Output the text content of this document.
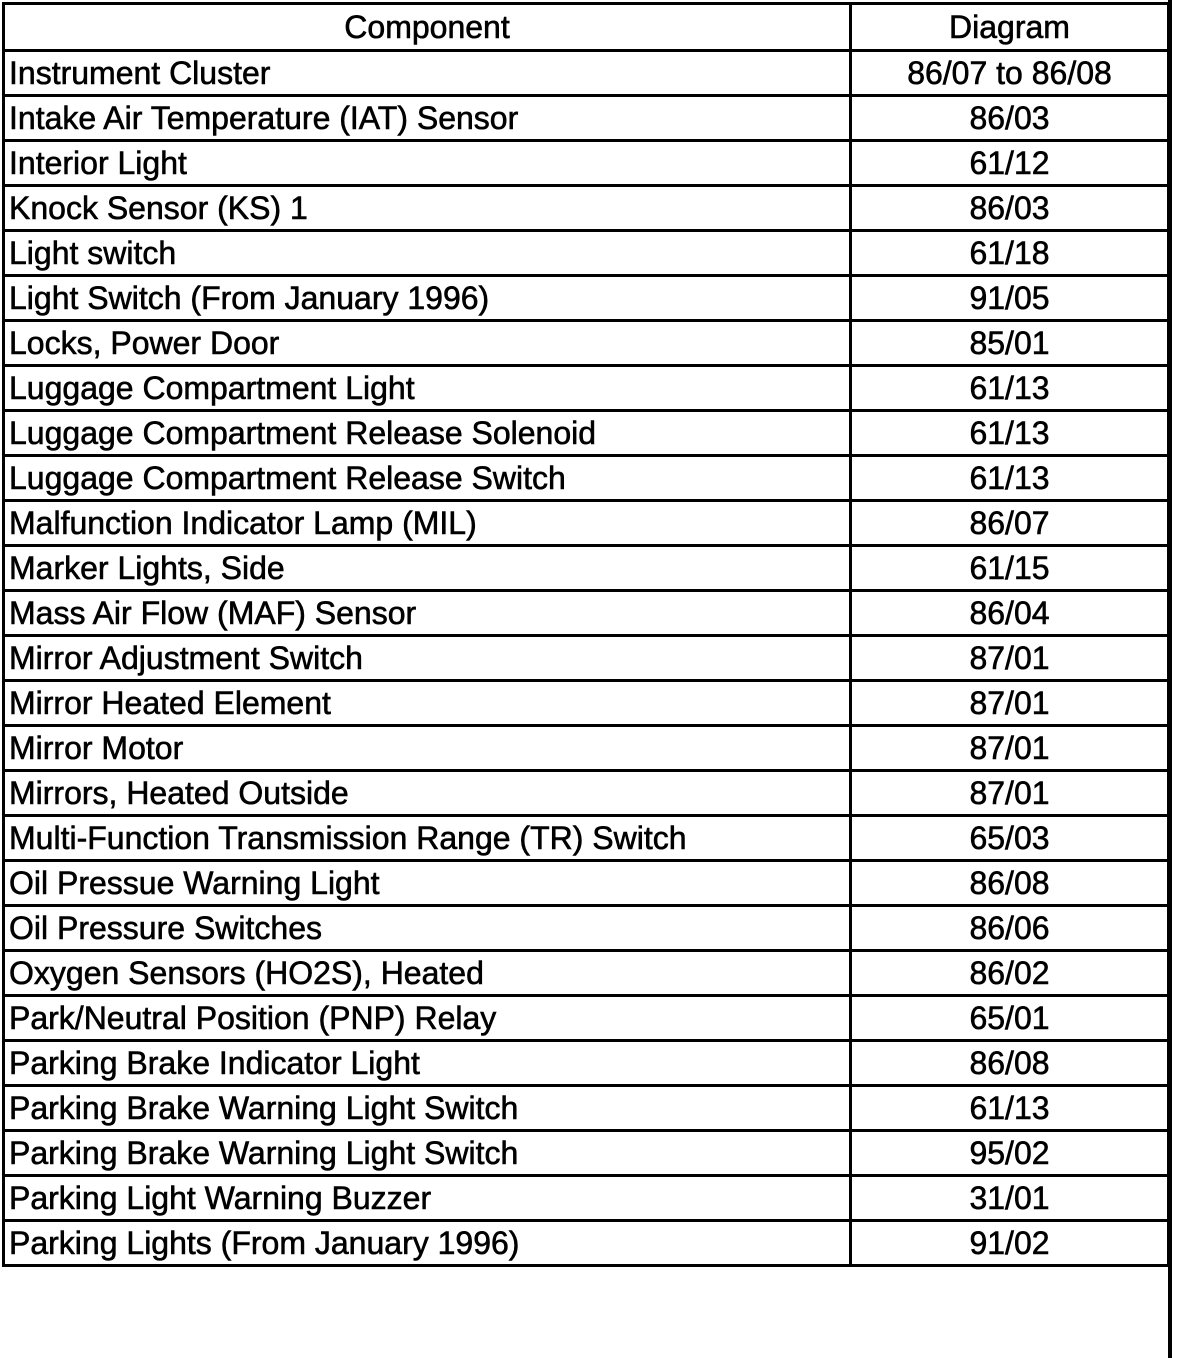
Component	Diagram
Instrument Cluster	86/07 to 86/08
Intake Air Temperature (IAT) Sensor	86/03
Interior Light	61/12
Knock Sensor (KS) 1	86/03
Light switch	61/18
Light Switch (From January 1996)	91/05
Locks, Power Door	85/01
Luggage Compartment Light	61/13
Luggage Compartment Release Solenoid	61/13
Luggage Compartment Release Switch	61/13
Malfunction Indicator Lamp (MIL)	86/07
Marker Lights, Side	61/15
Mass Air Flow (MAF) Sensor	86/04
Mirror Adjustment Switch	87/01
Mirror Heated Element	87/01
Mirror Motor	87/01
Mirrors, Heated Outside	87/01
Multi-Function Transmission Range (TR) Switch	65/03
Oil Pressue Warning Light	86/08
Oil Pressure Switches	86/06
Oxygen Sensors (HO2S), Heated	86/02
Park/Neutral Position (PNP) Relay	65/01
Parking Brake Indicator Light	86/08
Parking Brake Warning Light Switch	61/13
Parking Brake Warning Light Switch	95/02
Parking Light Warning Buzzer	31/01
Parking Lights (From January 1996)	91/02
